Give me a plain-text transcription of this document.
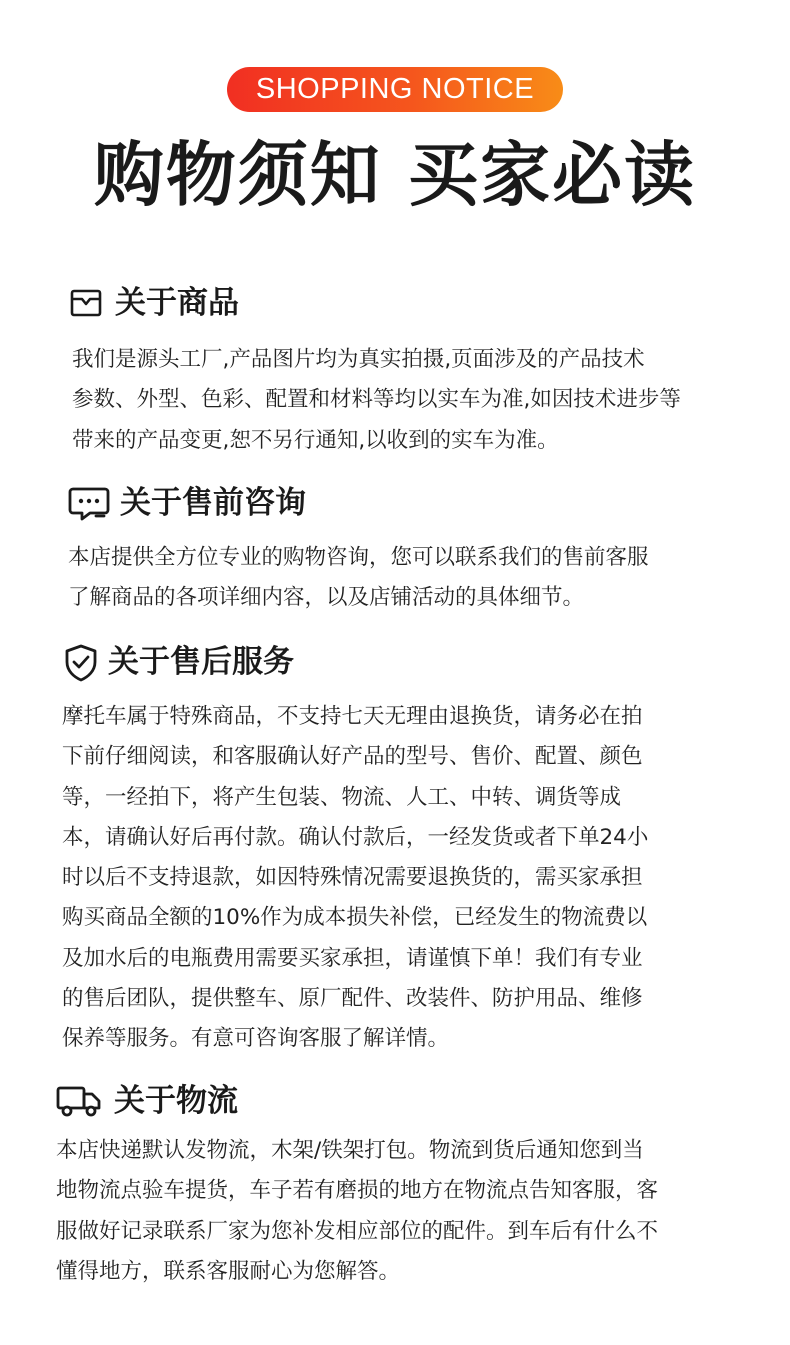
SHOPPING NOTICE
购物须知 买家必读
关于商品
我们是源头工厂,产品图片均为真实拍摄,页面涉及的产品技术
参数、外型、色彩、配置和材料等均以实车为准,如因技术进步等
带来的产品变更,恕不另行通知,以收到的实车为准。
关于售前咨询
本店提供全方位专业的购物咨询，您可以联系我们的售前客服
了解商品的各项详细内容，以及店铺活动的具体细节。
关于售后服务
摩托车属于特殊商品，不支持七天无理由退换货，请务必在拍
下前仔细阅读，和客服确认好产品的型号、售价、配置、颜色
等，一经拍下，将产生包装、物流、人工、中转、调货等成
本，请确认好后再付款。确认付款后，一经发货或者下单24小
时以后不支持退款，如因特殊情况需要退换货的，需买家承担
购买商品全额的10%作为成本损失补偿，已经发生的物流费以
及加水后的电瓶费用需要买家承担，请谨慎下单！我们有专业
的售后团队，提供整车、原厂配件、改装件、防护用品、维修
保养等服务。有意可咨询客服了解详情。
关于物流
本店快递默认发物流，木架/铁架打包。物流到货后通知您到当
地物流点验车提货，车子若有磨损的地方在物流点告知客服，客
服做好记录联系厂家为您补发相应部位的配件。到车后有什么不
懂得地方，联系客服耐心为您解答。
